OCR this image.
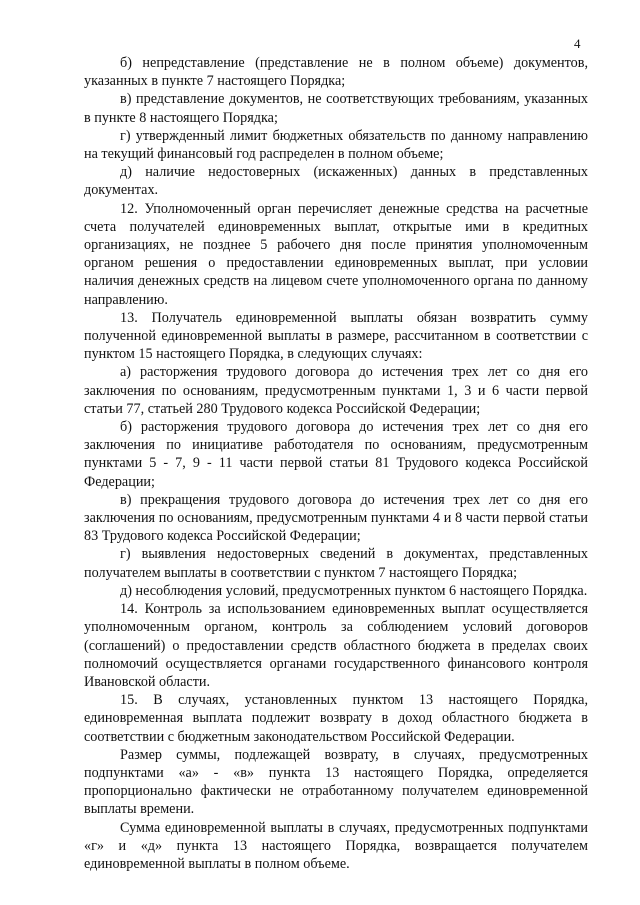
4

б) непредставление (представление не в полном объеме) документов, указанных в пункте 7 настоящего Порядка;

в) представление документов, не соответствующих требованиям, указанных в пункте 8 настоящего Порядка;

г) утвержденный лимит бюджетных обязательств по данному направлению на текущий финансовый год распределен в полном объеме;

д) наличие недостоверных (искаженных) данных в представленных документах.

12. Уполномоченный орган перечисляет денежные средства на расчетные счета получателей единовременных выплат, открытые ими в кредитных организациях, не позднее 5 рабочего дня после принятия уполномоченным органом решения о предоставлении единовременных выплат, при условии наличия денежных средств на лицевом счете уполномоченного органа по данному направлению.

13. Получатель единовременной выплаты обязан возвратить сумму полученной единовременной выплаты в размере, рассчитанном в соответствии с пунктом 15 настоящего Порядка, в следующих случаях:

а) расторжения трудового договора до истечения трех лет со дня его заключения по основаниям, предусмотренным пунктами 1, 3 и 6 части первой статьи 77, статьей 280 Трудового кодекса Российской Федерации;

б) расторжения трудового договора до истечения трех лет со дня его заключения по инициативе работодателя по основаниям, предусмотренным пунктами 5 - 7, 9 - 11 части первой статьи 81 Трудового кодекса Российской Федерации;

в) прекращения трудового договора до истечения трех лет со дня его заключения по основаниям, предусмотренным пунктами 4 и 8 части первой статьи 83 Трудового кодекса Российской Федерации;

г) выявления недостоверных сведений в документах, представленных получателем выплаты в соответствии с пунктом 7 настоящего Порядка;

д) несоблюдения условий, предусмотренных пунктом 6 настоящего Порядка.

14. Контроль за использованием единовременных выплат осуществляется уполномоченным органом, контроль за соблюдением условий договоров (соглашений) о предоставлении средств областного бюджета в пределах своих полномочий осуществляется органами государственного финансового контроля Ивановской области.

15. В случаях, установленных пунктом 13 настоящего Порядка, единовременная выплата подлежит возврату в доход областного бюджета в соответствии с бюджетным законодательством Российской Федерации.

Размер суммы, подлежащей возврату, в случаях, предусмотренных подпунктами «а» - «в» пункта 13 настоящего Порядка, определяется пропорционально фактически не отработанному получателем единовременной выплаты времени.

Сумма единовременной выплаты в случаях, предусмотренных подпунктами «г» и «д» пункта 13 настоящего Порядка, возвращается получателем единовременной выплаты в полном объеме.
